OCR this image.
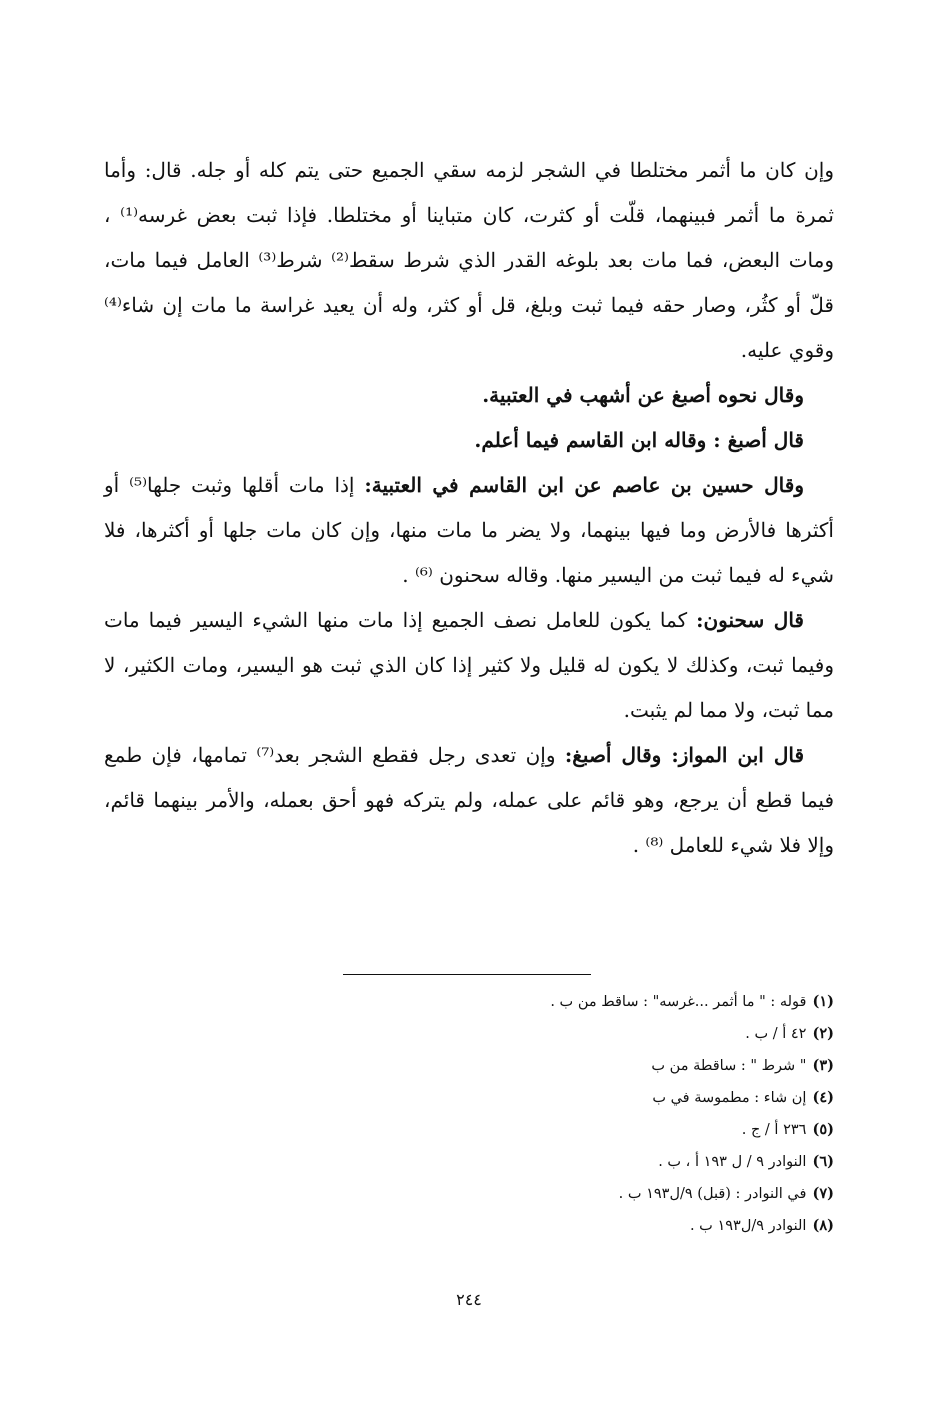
وإن كان ما أثمر مختلطا في الشجر لزمه سقي الجميع حتى يتم كله أو جله. قال: وأما ثمرة ما أثمر فبينهما، قلّت أو كثرت، كان متباينا أو مختلطا. فإذا ثبت بعض غرسه⁽¹⁾ ، ومات البعض، فما مات بعد بلوغه القدر الذي شرط سقط⁽²⁾ شرط⁽³⁾ العامل فيما مات، قلّ أو كثُر، وصار حقه فيما ثبت وبلغ، قل أو كثر، وله أن يعيد غراسة ما مات إن شاء⁽⁴⁾ وقوي عليه.

وقال نحوه أصبغ عن أشهب في العتبية.

قال أصبغ : وقاله ابن القاسم فيما أعلم.

وقال حسين بن عاصم عن ابن القاسم في العتبية: إذا مات أقلها وثبت جلها⁽⁵⁾ أو أكثرها فالأرض وما فيها بينهما، ولا يضر ما مات منها، وإن كان مات جلها أو أكثرها، فلا شيء له فيما ثبت من اليسير منها. وقاله سحنون ⁽⁶⁾ .

قال سحنون: كما يكون للعامل نصف الجميع إذا مات منها الشيء اليسير فيما مات وفيما ثبت، وكذلك لا يكون له قليل ولا كثير إذا كان الذي ثبت هو اليسير، ومات الكثير، لا مما ثبت، ولا مما لم يثبت.

قال ابن المواز: وقال أصبغ: وإن تعدى رجل فقطع الشجر بعد⁽⁷⁾ تمامها، فإن طمع فيما قطع أن يرجع، وهو قائم على عمله، ولم يتركه فهو أحق بعمله، والأمر بينهما قائم، وإلا فلا شيء للعامل ⁽⁸⁾ .

(١)قوله : " ما أثمر ...غرسه" : ساقط من ب .
(٢)٤٢ أ / ب .
(٣)" شرط " : ساقطة من ب
(٤)إن شاء : مطموسة في ب
(٥)٢٣٦ أ / ج .
(٦)النوادر ٩ / ل ١٩٣ أ ، ب .
(٧)في النوادر : (قبل) ٩/ل١٩٣ ب .
(٨)النوادر ٩/ل١٩٣ ب .
٢٤٤
